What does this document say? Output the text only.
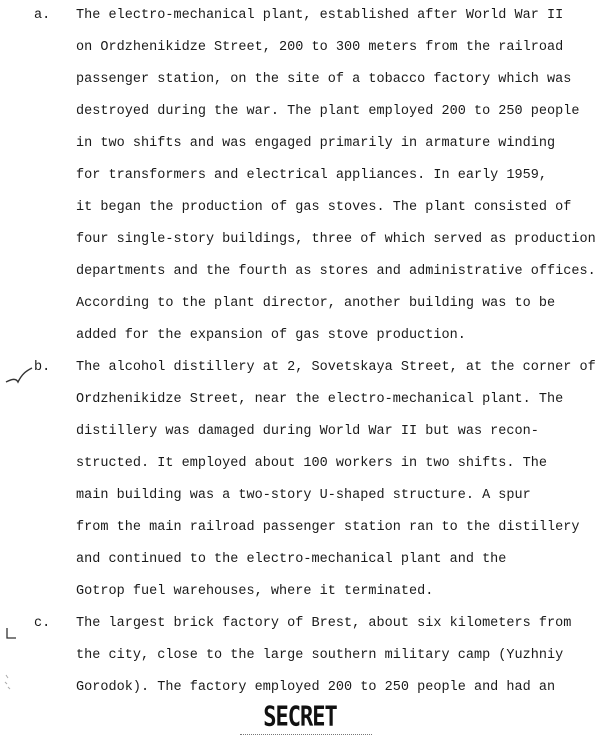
a. The electro-mechanical plant, established after World War II
on Ordzhenikidze Street, 200 to 300 meters from the railroad
passenger station, on the site of a tobacco factory which was
destroyed during the war. The plant employed 200 to 250 people
in two shifts and was engaged primarily in armature winding
for transformers and electrical appliances. In early 1959,
it began the production of gas stoves. The plant consisted of
four single-story buildings, three of which served as production
departments and the fourth as stores and administrative offices.
According to the plant director, another building was to be
added for the expansion of gas stove production.
b. The alcohol distillery at 2, Sovetskaya Street, at the corner of
Ordzhenikidze Street, near the electro-mechanical plant. The
distillery was damaged during World War II but was recon-
structed. It employed about 100 workers in two shifts. The
main building was a two-story U-shaped structure. A spur
from the main railroad passenger station ran to the distillery
and continued to the electro-mechanical plant and the
Gotrop fuel warehouses, where it terminated.
c. The largest brick factory of Brest, about six kilometers from
the city, close to the large southern military camp (Yuzhniy
Gorodok). The factory employed 200 to 250 people and had an
SECRET
